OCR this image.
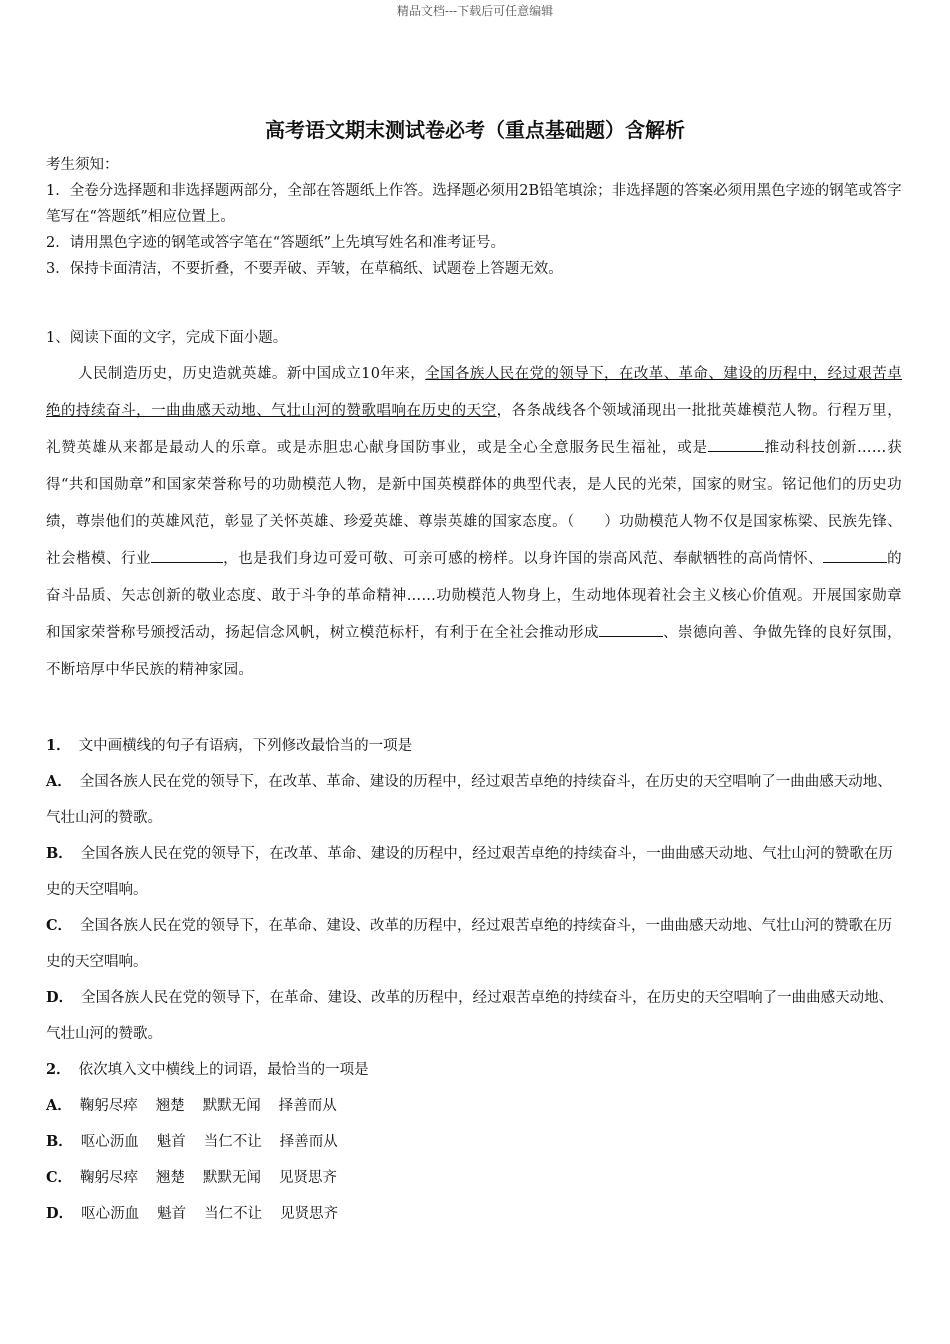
精品文档---下载后可任意编辑
高考语文期末测试卷必考（重点基础题）含解析

考生须知：

1．全卷分选择题和非选择题两部分，全部在答题纸上作答。选择题必须用2B铅笔填涂；非选择题的答案必须用黑色字迹的钢笔或答字笔写在“答题纸”相应位置上。

2．请用黑色字迹的钢笔或答字笔在“答题纸”上先填写姓名和准考证号。

3．保持卡面清洁，不要折叠，不要弄破、弄皱，在草稿纸、试题卷上答题无效。

1、阅读下面的文字，完成下面小题。
人民制造历史，历史造就英雄。新中国成立10年来，全国各族人民在党的领导下，在改革、革命、建设的历程中，经过艰苦卓绝的持续奋斗，一曲曲感天动地、气壮山河的赞歌唱响在历史的天空，各条战线各个领域涌现出一批批英雄模范人物。行程万里，礼赞英雄从来都是最动人的乐章。或是赤胆忠心献身国防事业，或是全心全意服务民生福祉，或是	推动科技创新……获得“共和国勋章”和国家荣誉称号的功勋模范人物，是新中国英模群体的典型代表，是人民的光荣，国家的财宝。铭记他们的历史功绩，尊崇他们的英雄风范，彰显了关怀英雄、珍爱英雄、尊崇英雄的国家态度。（　　）功勋模范人物不仅是国家栋梁、民族先锋、社会楷模、行业	，也是我们身边可爱可敬、可亲可感的榜样。以身许国的崇高风范、奉献牺牲的高尚情怀、	的奋斗品质、矢志创新的敬业态度、敢于斗争的革命精神……功勋模范人物身上，生动地体现着社会主义核心价值观。开展国家勋章和国家荣誉称号颁授活动，扬起信念风帆，树立模范标杆，有利于在全社会推动形成	、崇德向善、争做先锋的良好氛围，不断培厚中华民族的精神家园。

1． 文中画横线的句子有语病，下列修改最恰当的一项是

A． 全国各族人民在党的领导下，在改革、革命、建设的历程中，经过艰苦卓绝的持续奋斗，在历史的天空唱响了一曲曲感天动地、气壮山河的赞歌。

B． 全国各族人民在党的领导下，在改革、革命、建设的历程中，经过艰苦卓绝的持续奋斗，一曲曲感天动地、气壮山河的赞歌在历史的天空唱响。

C． 全国各族人民在党的领导下，在革命、建设、改革的历程中，经过艰苦卓绝的持续奋斗，一曲曲感天动地、气壮山河的赞歌在历史的天空唱响。

D． 全国各族人民在党的领导下，在革命、建设、改革的历程中，经过艰苦卓绝的持续奋斗，在历史的天空唱响了一曲曲感天动地、气壮山河的赞歌。

2． 依次填入文中横线上的词语，最恰当的一项是

A． 鞠躬尽瘁 翘楚 默默无闻 择善而从

B． 呕心沥血 魁首 当仁不让 择善而从

C． 鞠躬尽瘁 翘楚 默默无闻 见贤思齐

D． 呕心沥血 魁首 当仁不让 见贤思齐
